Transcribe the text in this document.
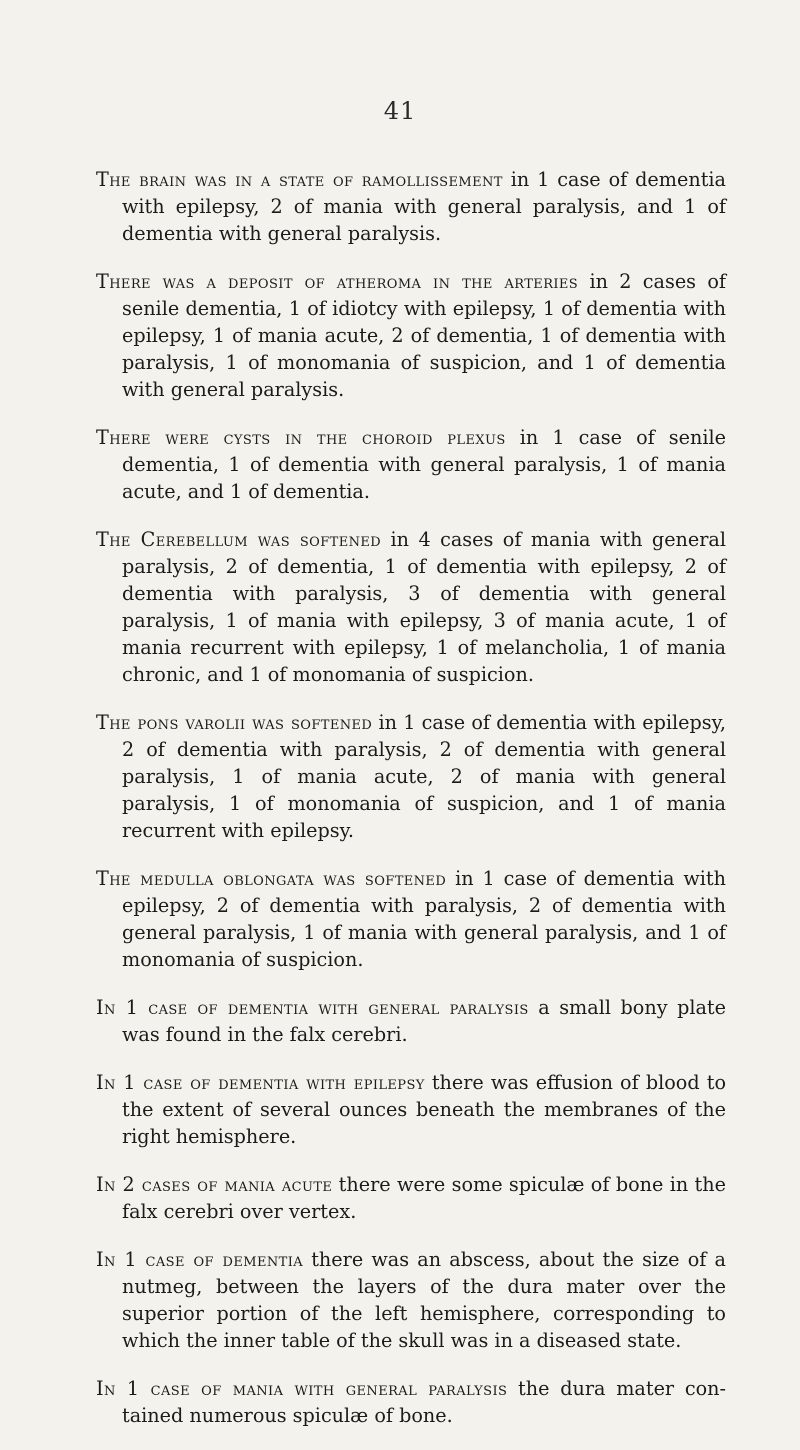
41

The brain was in a state of ramollissement in 1 case of dementia with epilepsy, 2 of mania with general paralysis, and 1 of dementia with general paralysis.

There was a deposit of atheroma in the arteries in 2 cases of senile dementia, 1 of idiotcy with epilepsy, 1 of dementia with epilepsy, 1 of mania acute, 2 of dementia, 1 of dementia with paralysis, 1 of monomania of suspicion, and 1 of dementia with general paralysis.

There were cysts in the choroid plexus in 1 case of senile dementia, 1 of dementia with general paralysis, 1 of mania acute, and 1 of dementia.

The Cerebellum was softened in 4 cases of mania with general paralysis, 2 of dementia, 1 of dementia with epilepsy, 2 of dementia with paralysis, 3 of dementia with general paralysis, 1 of mania with epilepsy, 3 of mania acute, 1 of mania recurrent with epilepsy, 1 of melancholia, 1 of mania chronic, and 1 of monomania of suspicion.

The pons varolii was softened in 1 case of dementia with epilepsy, 2 of dementia with paralysis, 2 of dementia with general paralysis, 1 of mania acute, 2 of mania with general paralysis, 1 of monomania of suspicion, and 1 of mania recurrent with epilepsy.

The medulla oblongata was softened in 1 case of dementia with epilepsy, 2 of dementia with paralysis, 2 of dementia with general paralysis, 1 of mania with general paralysis, and 1 of monomania of suspicion.

In 1 case of dementia with general paralysis a small bony plate was found in the falx cerebri.

In 1 case of dementia with epilepsy there was effusion of blood to the extent of several ounces beneath the membranes of the right hemisphere.

In 2 cases of mania acute there were some spiculæ of bone in the falx cerebri over vertex.

In 1 case of dementia there was an abscess, about the size of a nutmeg, between the layers of the dura mater over the superior portion of the left hemisphere, corresponding to which the inner table of the skull was in a diseased state.

In 1 case of mania with general paralysis the dura mater contained numerous spiculæ of bone.
